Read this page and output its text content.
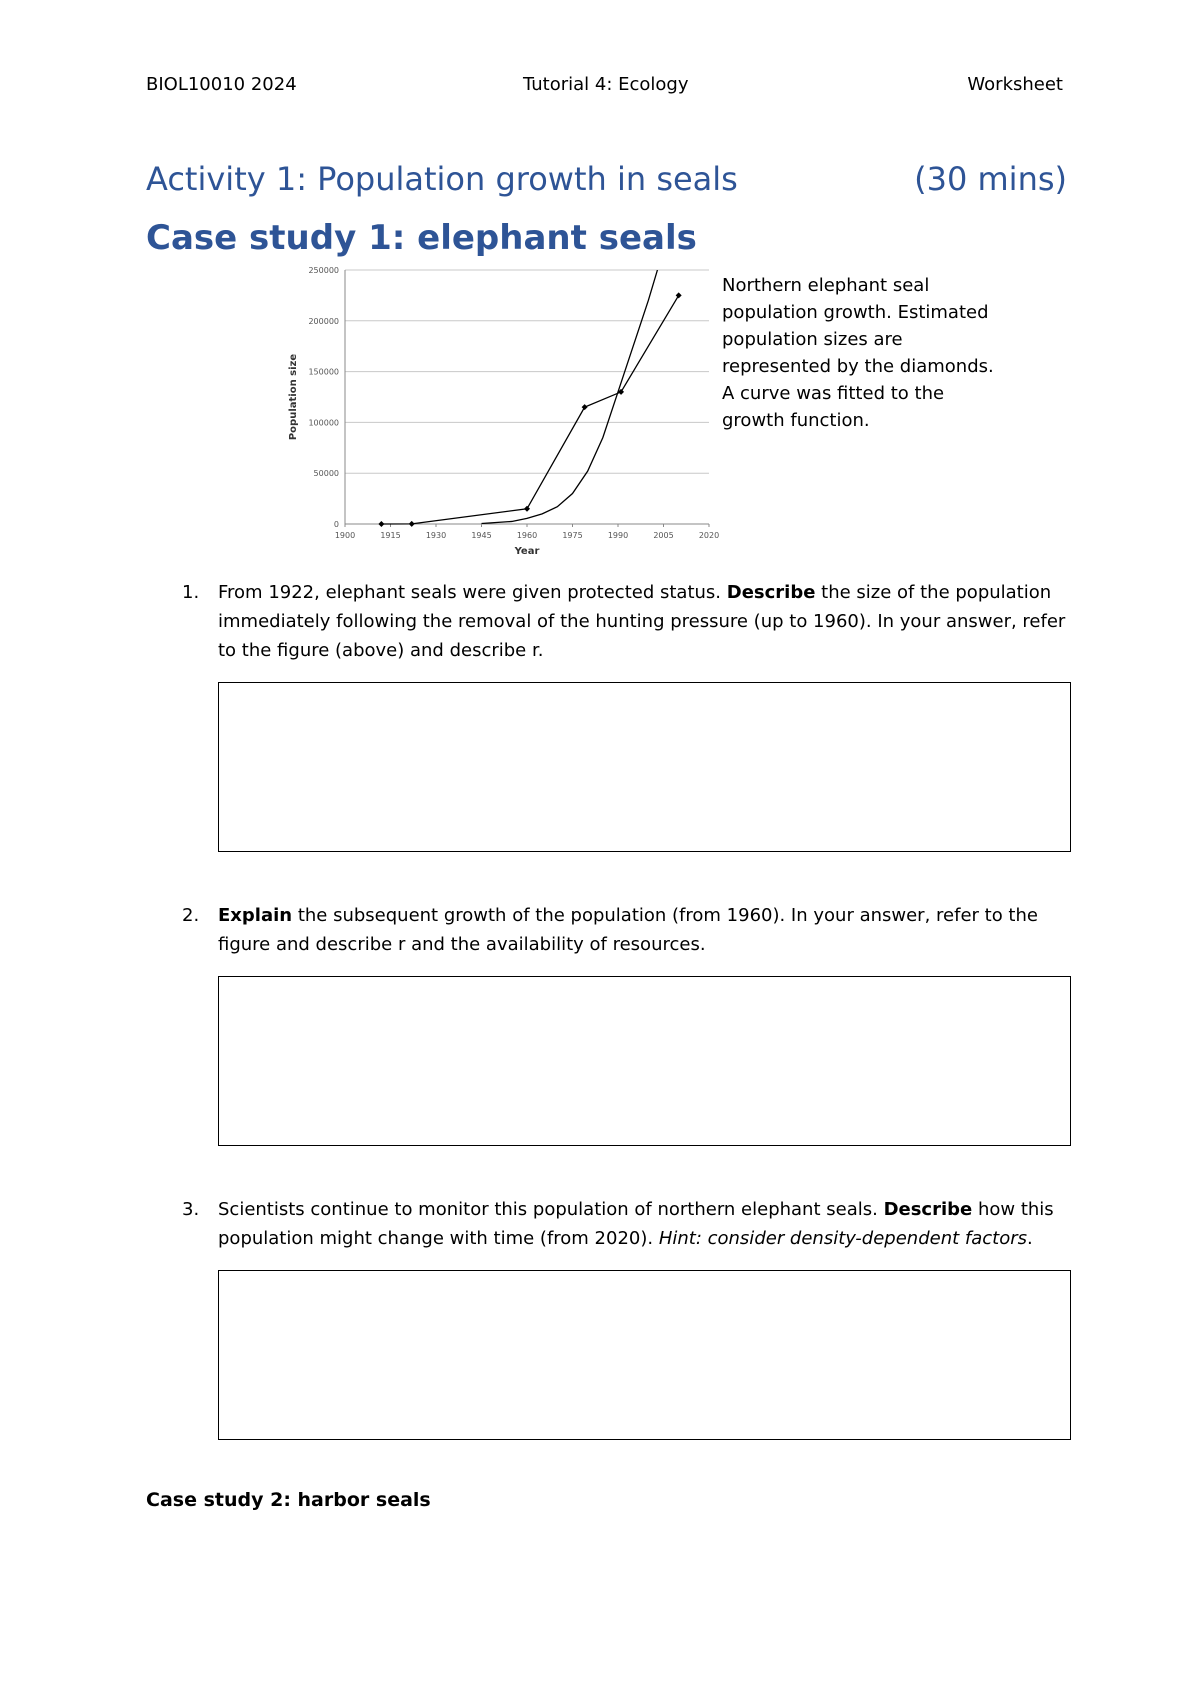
BIOL10010 2024	Tutorial 4: Ecology	Worksheet
Activity 1: Population growth in seals	(30 mins)
Case study 1: elephant seals
0
50000
100000
150000
200000
250000
1900	1915	1930	1945	1960	1975	1990	2005	2020
Year
Population size
Northern elephant seal population growth. Estimated population sizes are represented by the diamonds. A curve was fitted to the growth function.
1. From 1922, elephant seals were given protected status. Describe the size of the population immediately following the removal of the hunting pressure (up to 1960). In your answer, refer to the figure (above) and describe r.
2. Explain the subsequent growth of the population (from 1960). In your answer, refer to the figure and describe r and the availability of resources.
3. Scientists continue to monitor this population of northern elephant seals. Describe how this population might change with time (from 2020). Hint: consider density-dependent factors.
Case study 2: harbor seals
